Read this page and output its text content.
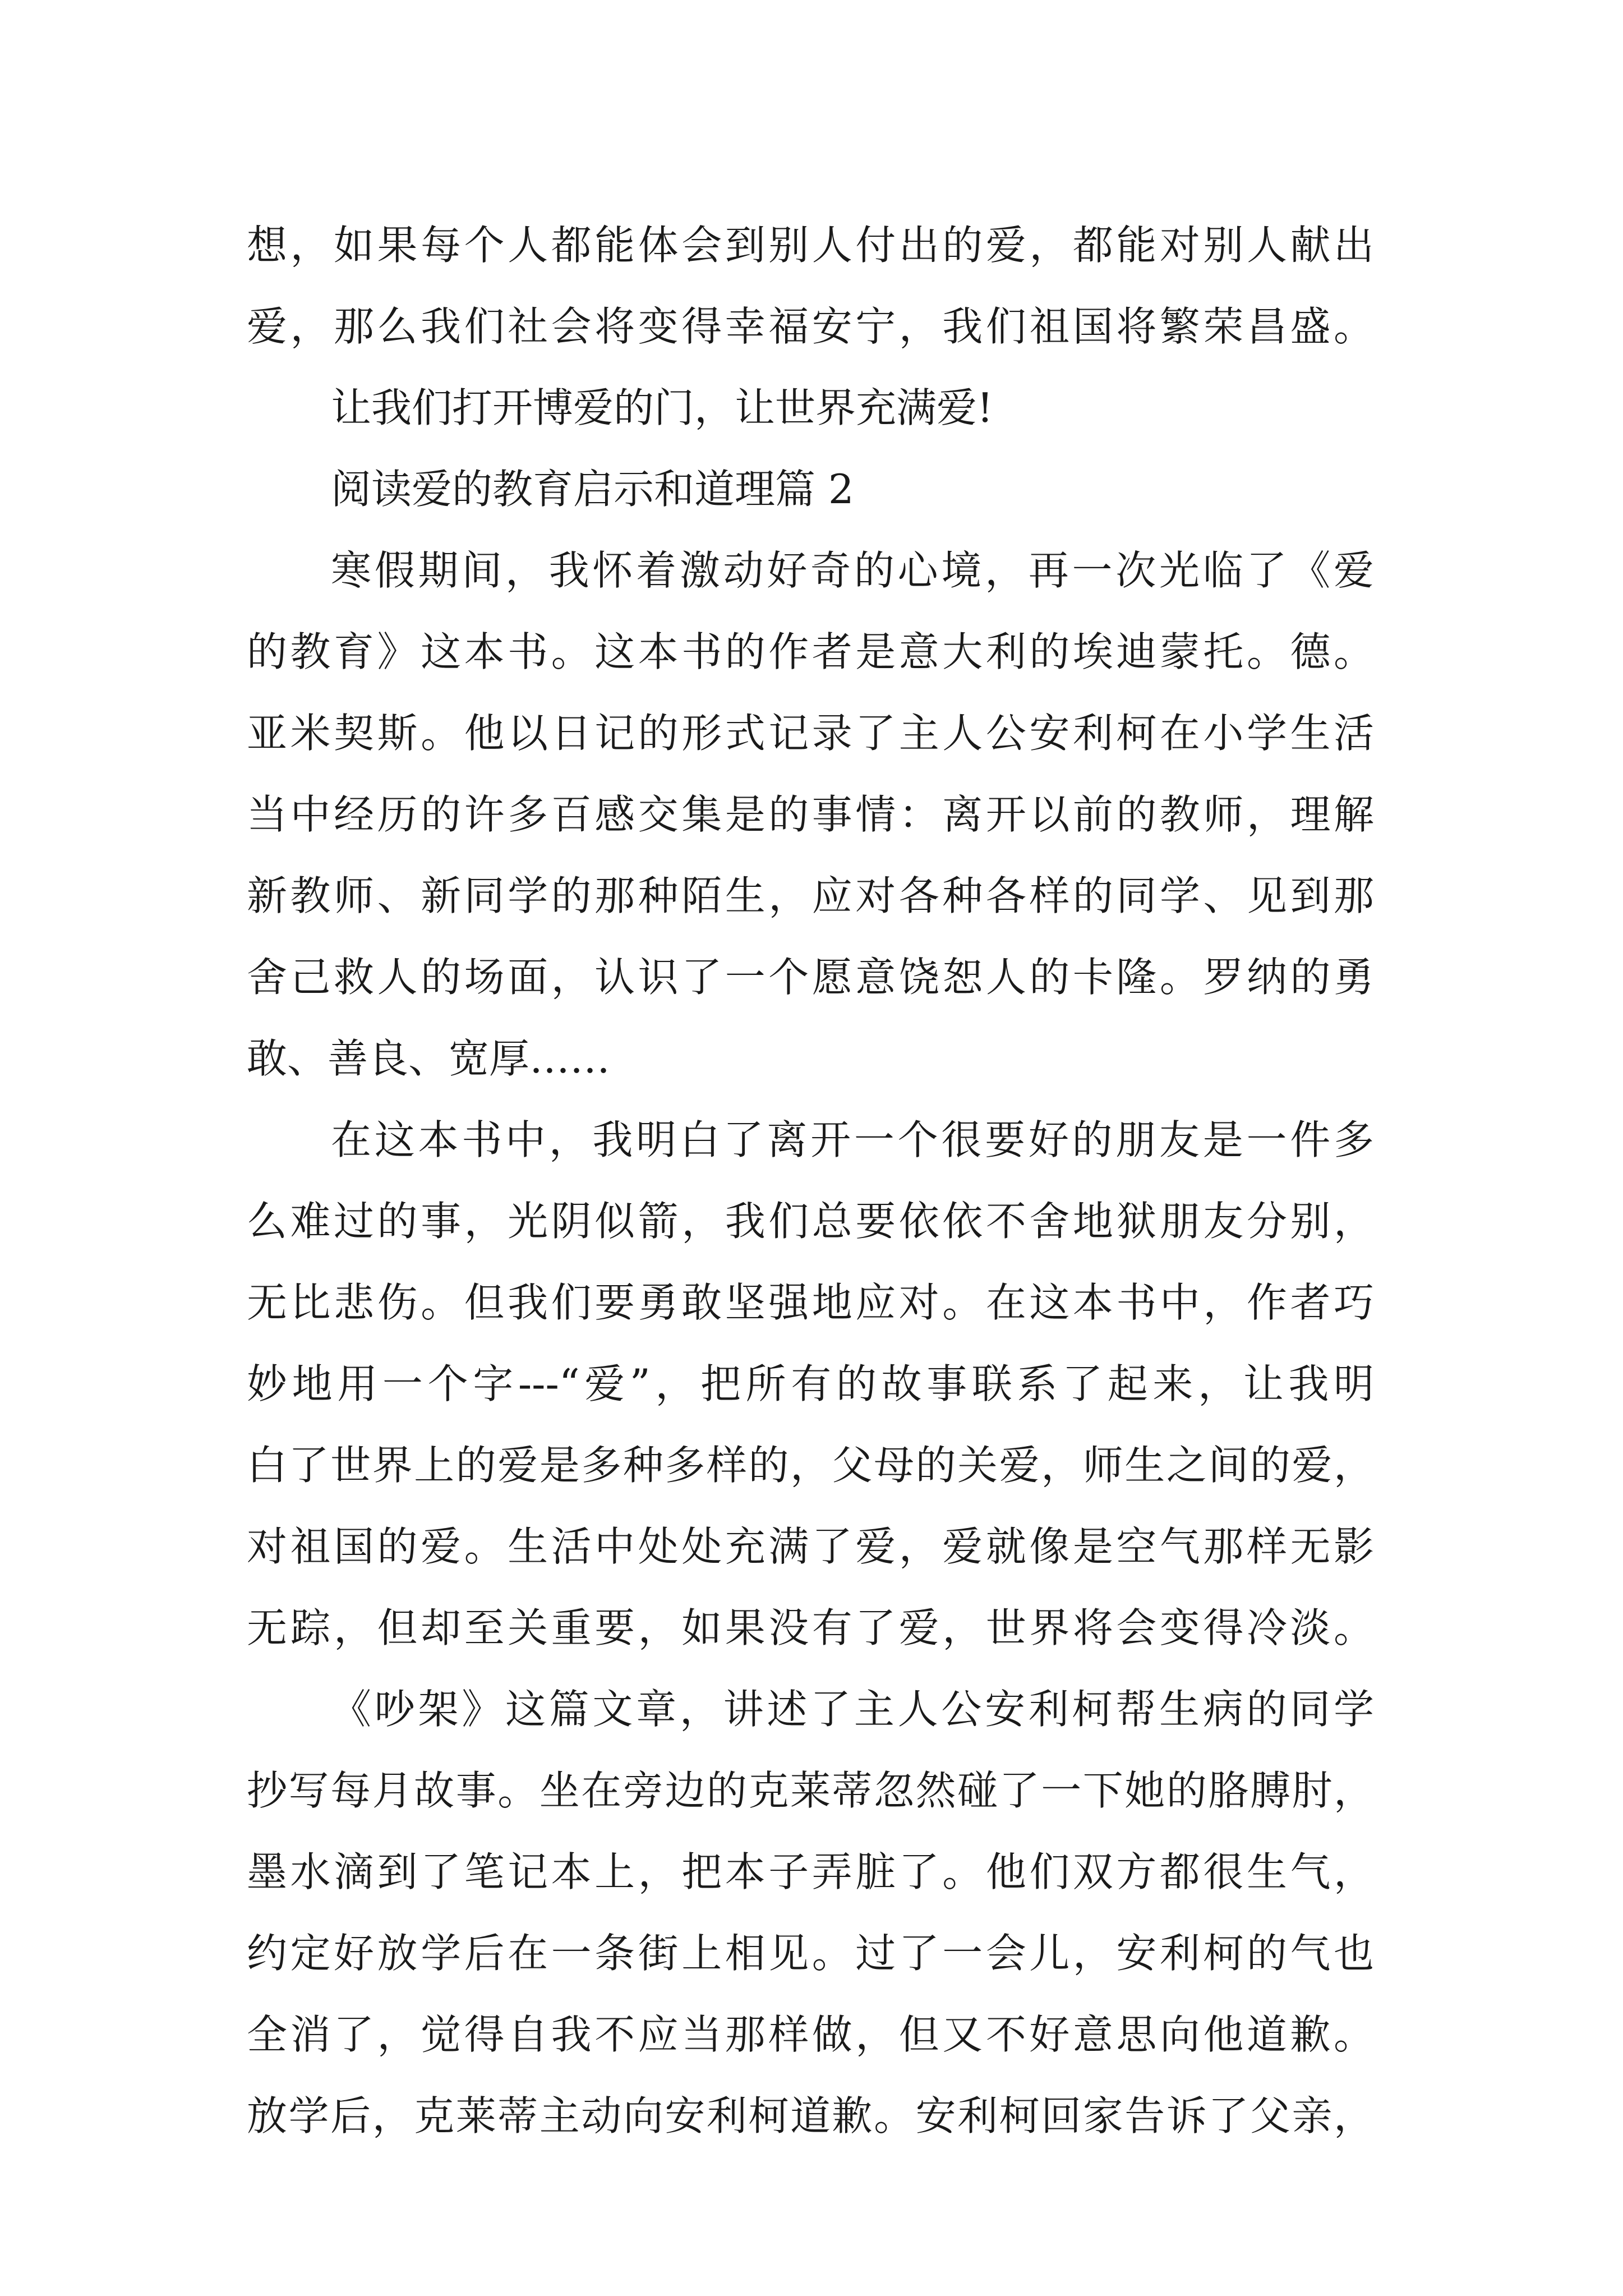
想，如果每个人都能体会到别人付出的爱，都能对别人献出
爱，那么我们社会将变得幸福安宁，我们祖国将繁荣昌盛。
让我们打开博爱的门，让世界充满爱!
阅读爱的教育启示和道理篇 2
寒假期间，我怀着激动好奇的心境，再一次光临了《爱
的教育》这本书。这本书的作者是意大利的埃迪蒙托。德。
亚米契斯。他以日记的形式记录了主人公安利柯在小学生活
当中经历的许多百感交集是的事情：离开以前的教师，理解
新教师、新同学的那种陌生，应对各种各样的同学、见到那
舍己救人的场面，认识了一个愿意饶恕人的卡隆。罗纳的勇
敢、善良、宽厚……
在这本书中，我明白了离开一个很要好的朋友是一件多
么难过的事，光阴似箭，我们总要依依不舍地狱朋友分别，
无比悲伤。但我们要勇敢坚强地应对。在这本书中，作者巧
妙地用一个字---“爱”，把所有的故事联系了起来，让我明
白了世界上的爱是多种多样的，父母的关爱，师生之间的爱，
对祖国的爱。生活中处处充满了爱，爱就像是空气那样无影
无踪，但却至关重要，如果没有了爱，世界将会变得冷淡。
《吵架》这篇文章，讲述了主人公安利柯帮生病的同学
抄写每月故事。坐在旁边的克莱蒂忽然碰了一下她的胳膊肘，
墨水滴到了笔记本上，把本子弄脏了。他们双方都很生气，
约定好放学后在一条街上相见。过了一会儿，安利柯的气也
全消了，觉得自我不应当那样做，但又不好意思向他道歉。
放学后，克莱蒂主动向安利柯道歉。安利柯回家告诉了父亲，
